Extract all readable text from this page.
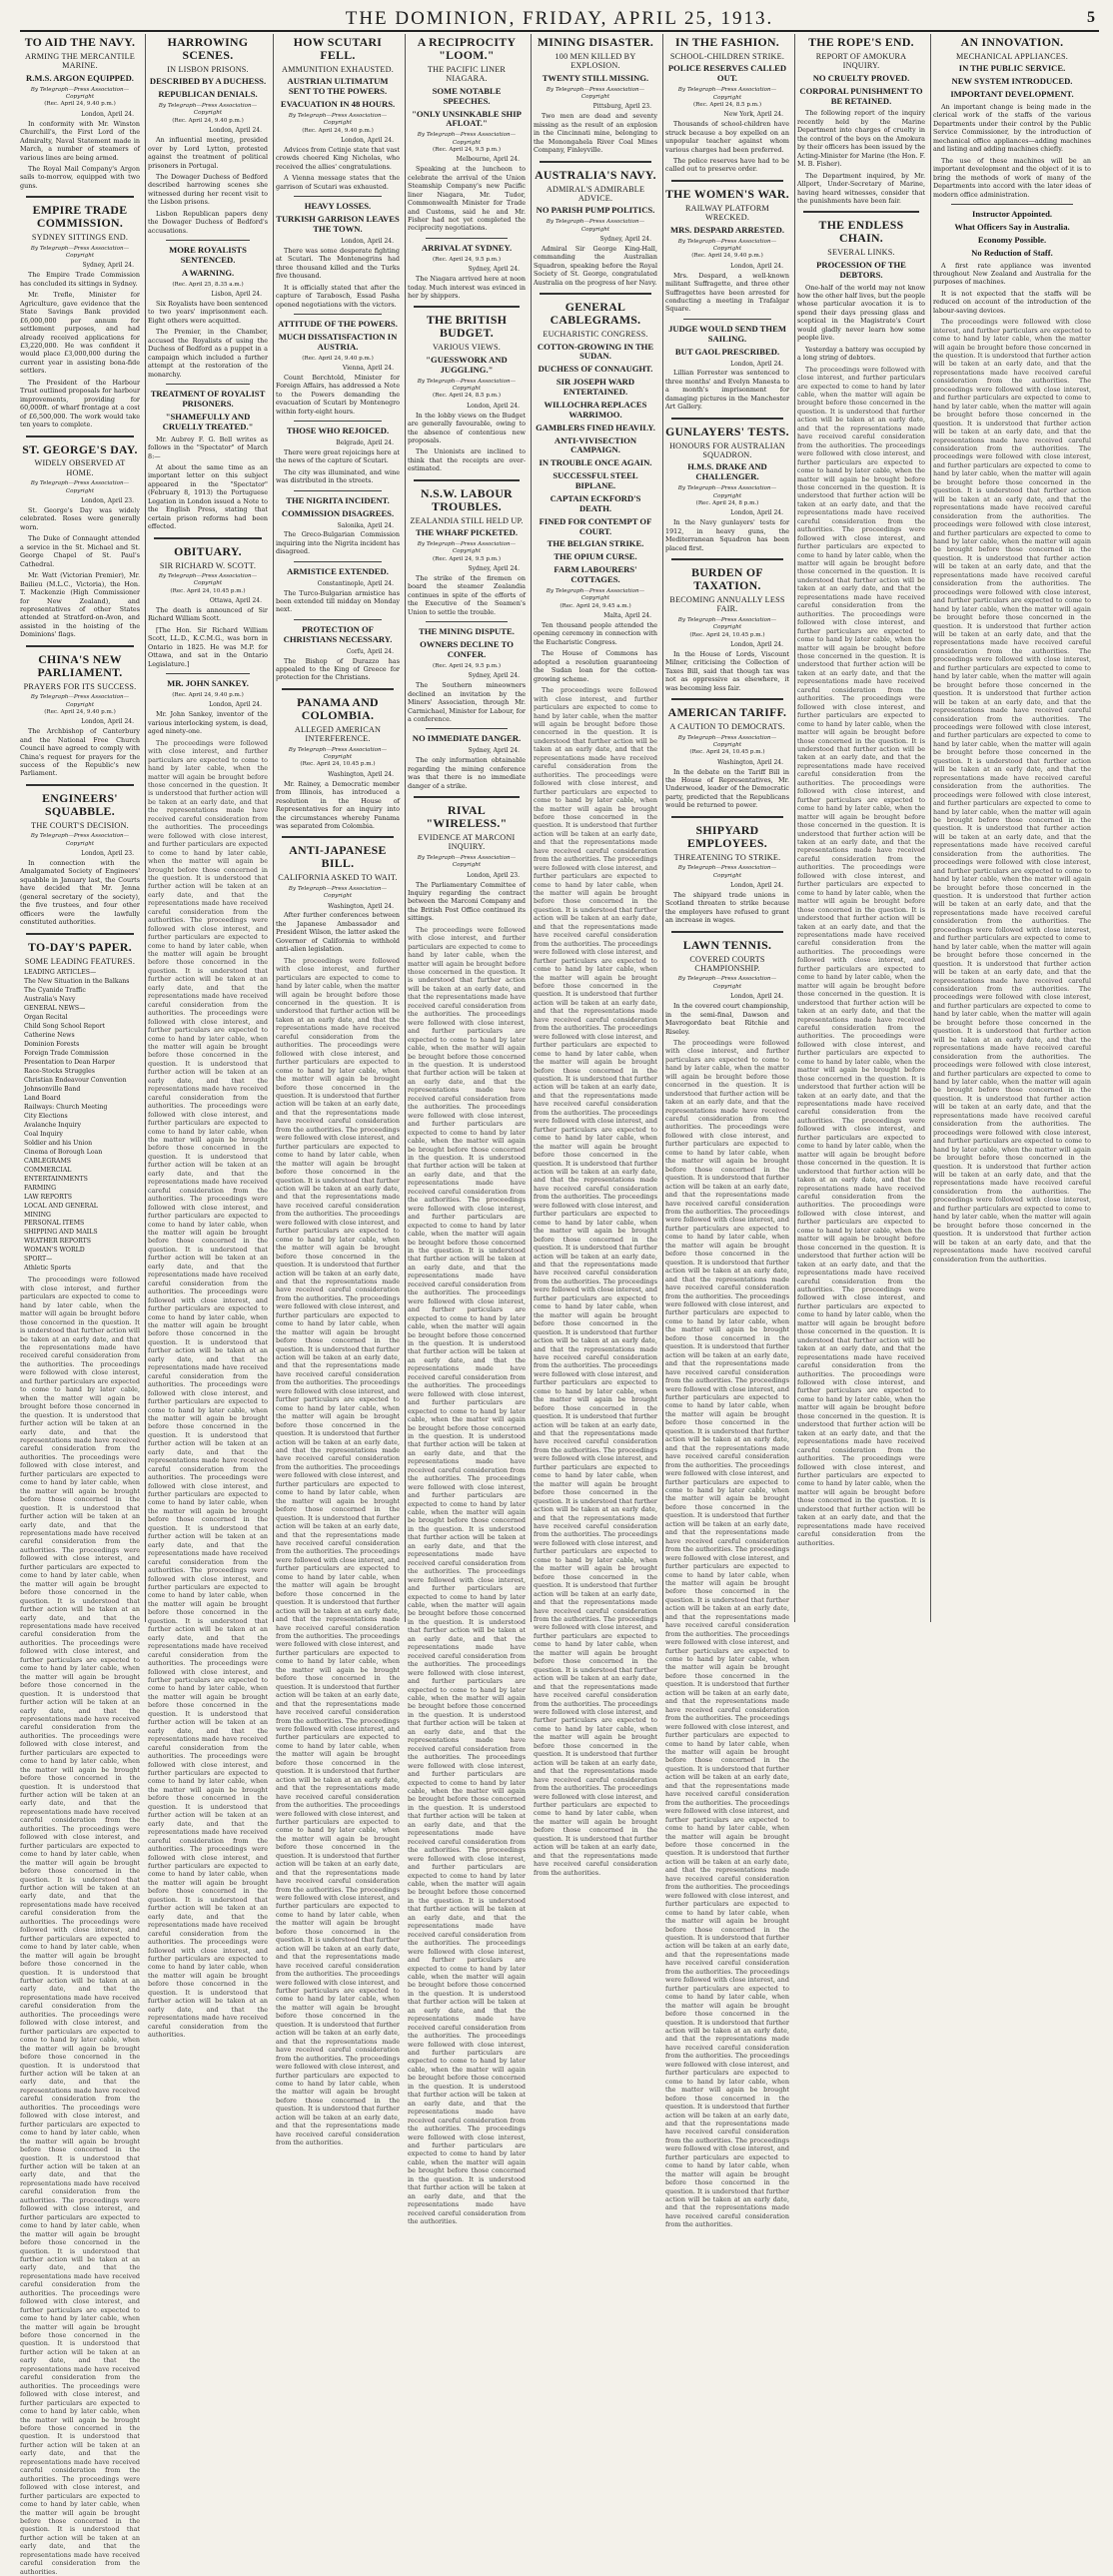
THE DOMINION, FRIDAY, APRIL 25, 1913.	5
TO AID THE NAVY.
ARMING THE MERCANTILE MARINE.
R.M.S. ARGON EQUIPPED.
By Telegraph—Press Association—Copyright
(Rec. April 24, 9.40 p.m.)
London, April 24.

In conformity with Mr. Winston Churchill's, the First Lord of the Admiralty, Naval Statement made in March, a number of steamers of various lines are being armed.

The Royal Mail Company's Argon sails to-morrow, equipped with two guns.

EMPIRE TRADE COMMISSION.
SYDNEY SITTINGS END.
By Telegraph—Press Association—Copyright
Sydney, April 24.

The Empire Trade Commission has concluded its sittings in Sydney.

Mr. Trefle, Minister for Agriculture, gave evidence that the State Savings Bank provided £6,000,000 per annum for settlement purposes, and had already received applications for £3,220,000. He was confident it would place £3,000,000 during the current year in assisting bona-fide settlers.

The President of the Harbour Trust outlined proposals for harbour improvements, providing for 60,000ft. of wharf frontage at a cost of £6,500,000. The work would take ten years to complete.

ST. GEORGE'S DAY.
WIDELY OBSERVED AT HOME.
By Telegraph—Press Association—Copyright
London, April 23.

St. George's Day was widely celebrated. Roses were generally worn.

The Duke of Connaught attended a service in the St. Michael and St. George Chapel of St. Paul's Cathedral.

Mr. Watt (Victorian Premier), Mr. Bailieu (M.L.C., Victoria), the Hon. T. Mackenzie (High Commissioner for New Zealand), and representatives of other States attended at Stratford-on-Avon, and assisted in the hoisting of the Dominions' flags.

CHINA'S NEW PARLIAMENT.
PRAYERS FOR ITS SUCCESS.
By Telegraph—Press Association—Copyright
(Rec. April 24, 9.40 p.m.)
London, April 24.

The Archbishop of Canterbury and the National Free Church Council have agreed to comply with China's request for prayers for the success of the Republic's new Parliament.

ENGINEERS' SQUABBLE.
THE COURT'S DECISION.
By Telegraph—Press Association—Copyright
London, April 23.

In connection with the Amalgamated Society of Engineers' squabble in January last, the Courts have decided that Mr. Jenna (general secretary of the society), the five trustees, and four other officers were the lawfully constituted authorities.

TO-DAY'S PAPER.
SOME LEADING FEATURES.
LEADING ARTICLES—
The New Situation in the Balkans
The Cyanide Traffic
Australia's Navy
GENERAL NEWS—
Organ Recital
Child Song School Report
Catherine News
Dominion Forests
Foreign Trade Commission
Presentation to Dean Harper
Race-Stocks Struggles
Christian Endeavour Convention
Johnsonville Band
Land Board
Railways: Church Meeting
City Elections
Avalanche Inquiry
Coal Inquiry
Soldier and his Union
Cinema of Borough Loan
CABLEGRAMS
COMMERCIAL
ENTERTAINMENTS
FARMING
LAW REPORTS
LOCAL AND GENERAL
MINING
PERSONAL ITEMS
SHIPPING AND MAILS
WEATHER REPORTS
WOMAN'S WORLD
SPORT—
Athletic Sports

The proceedings were followed with close interest, and further particulars are expected to come to hand by later cable, when the matter will again be brought before those concerned in the question. It is understood that further action will be taken at an early date, and that the representations made have received careful consideration from the authorities. The proceedings were followed with close interest, and further particulars are expected to come to hand by later cable, when the matter will again be brought before those concerned in the question. It is understood that further action will be taken at an early date, and that the representations made have received careful consideration from the authorities. The proceedings were followed with close interest, and further particulars are expected to come to hand by later cable, when the matter will again be brought before those concerned in the question. It is understood that further action will be taken at an early date, and that the representations made have received careful consideration from the authorities. The proceedings were followed with close interest, and further particulars are expected to come to hand by later cable, when the matter will again be brought before those concerned in the question. It is understood that further action will be taken at an early date, and that the representations made have received careful consideration from the authorities. The proceedings were followed with close interest, and further particulars are expected to come to hand by later cable, when the matter will again be brought before those concerned in the question. It is understood that further action will be taken at an early date, and that the representations made have received careful consideration from the authorities. The proceedings were followed with close interest, and further particulars are expected to come to hand by later cable, when the matter will again be brought before those concerned in the question. It is understood that further action will be taken at an early date, and that the representations made have received careful consideration from the authorities. The proceedings were followed with close interest, and further particulars are expected to come to hand by later cable, when the matter will again be brought before those concerned in the question. It is understood that further action will be taken at an early date, and that the representations made have received careful consideration from the authorities. The proceedings were followed with close interest, and further particulars are expected to come to hand by later cable, when the matter will again be brought before those concerned in the question. It is understood that further action will be taken at an early date, and that the representations made have received careful consideration from the authorities. The proceedings were followed with close interest, and further particulars are expected to come to hand by later cable, when the matter will again be brought before those concerned in the question. It is understood that further action will be taken at an early date, and that the representations made have received careful consideration from the authorities. The proceedings were followed with close interest, and further particulars are expected to come to hand by later cable, when the matter will again be brought before those concerned in the question. It is understood that further action will be taken at an early date, and that the representations made have received careful consideration from the authorities. The proceedings were followed with close interest, and further particulars are expected to come to hand by later cable, when the matter will again be brought before those concerned in the question. It is understood that further action will be taken at an early date, and that the representations made have received careful consideration from the authorities. The proceedings were followed with close interest, and further particulars are expected to come to hand by later cable, when the matter will again be brought before those concerned in the question. It is understood that further action will be taken at an early date, and that the representations made have received careful consideration from the authorities. The proceedings were followed with close interest, and further particulars are expected to come to hand by later cable, when the matter will again be brought before those concerned in the question. It is understood that further action will be taken at an early date, and that the representations made have received careful consideration from the authorities. The proceedings were followed with close interest, and further particulars are expected to come to hand by later cable, when the matter will again be brought before those concerned in the question. It is understood that further action will be taken at an early date, and that the representations made have received careful consideration from the authorities.

HARROWING SCENES.
IN LISBON PRISONS.
DESCRIBED BY A DUCHESS.
REPUBLICAN DENIALS.
By Telegraph—Press Association—Copyright
(Rec. April 24, 9.40 p.m.)
London, April 24.

An influential meeting, presided over by Lord Lytton, protested against the treatment of political prisoners in Portugal.

The Dowager Duchess of Bedford described harrowing scenes she witnessed during her recent visit to the Lisbon prisons.

Lisbon Republican papers deny the Dowager Duchess of Bedford's accusations.

MORE ROYALISTS SENTENCED.
A WARNING.
(Rec. April 25, 8.35 a.m.)
Lisbon, April 24.

Six Royalists have been sentenced to two years' imprisonment each. Eight others were acquitted.

The Premier, in the Chamber, accused the Royalists of using the Duchess of Bedford as a puppet in a campaign which included a further attempt at the restoration of the monarchy.

TREATMENT OF ROYALIST PRISONERS.
"SHAMEFULLY AND CRUELLY TREATED."

Mr. Aubrey F. G. Bell writes as follows in the "Spectator" of March 8:—

At about the same time as an important letter on this subject appeared in the "Spectator" (February 8, 1913) the Portuguese Legation in London issued a Note to the English Press, stating that certain prison reforms had been effected.

OBITUARY.
SIR RICHARD W. SCOTT.
By Telegraph—Press Association—Copyright
(Rec. April 24, 10.45 p.m.)
Ottawa, April 24.

The death is announced of Sir Richard William Scott.

[The Hon. Sir Richard William Scott, LL.D., K.C.M.G., was born in Ontario in 1825. He was M.P. for Ottawa, and sat in the Ontario Legislature.]

MR. JOHN SANKEY.
(Rec. April 24, 9.40 p.m.)
London, April 24.

Mr. John Sankey, inventor of the various interlocking system, is dead, aged ninety-one.

The proceedings were followed with close interest, and further particulars are expected to come to hand by later cable, when the matter will again be brought before those concerned in the question. It is understood that further action will be taken at an early date, and that the representations made have received careful consideration from the authorities. The proceedings were followed with close interest, and further particulars are expected to come to hand by later cable, when the matter will again be brought before those concerned in the question. It is understood that further action will be taken at an early date, and that the representations made have received careful consideration from the authorities. The proceedings were followed with close interest, and further particulars are expected to come to hand by later cable, when the matter will again be brought before those concerned in the question. It is understood that further action will be taken at an early date, and that the representations made have received careful consideration from the authorities. The proceedings were followed with close interest, and further particulars are expected to come to hand by later cable, when the matter will again be brought before those concerned in the question. It is understood that further action will be taken at an early date, and that the representations made have received careful consideration from the authorities. The proceedings were followed with close interest, and further particulars are expected to come to hand by later cable, when the matter will again be brought before those concerned in the question. It is understood that further action will be taken at an early date, and that the representations made have received careful consideration from the authorities. The proceedings were followed with close interest, and further particulars are expected to come to hand by later cable, when the matter will again be brought before those concerned in the question. It is understood that further action will be taken at an early date, and that the representations made have received careful consideration from the authorities. The proceedings were followed with close interest, and further particulars are expected to come to hand by later cable, when the matter will again be brought before those concerned in the question. It is understood that further action will be taken at an early date, and that the representations made have received careful consideration from the authorities. The proceedings were followed with close interest, and further particulars are expected to come to hand by later cable, when the matter will again be brought before those concerned in the question. It is understood that further action will be taken at an early date, and that the representations made have received careful consideration from the authorities. The proceedings were followed with close interest, and further particulars are expected to come to hand by later cable, when the matter will again be brought before those concerned in the question. It is understood that further action will be taken at an early date, and that the representations made have received careful consideration from the authorities. The proceedings were followed with close interest, and further particulars are expected to come to hand by later cable, when the matter will again be brought before those concerned in the question. It is understood that further action will be taken at an early date, and that the representations made have received careful consideration from the authorities. The proceedings were followed with close interest, and further particulars are expected to come to hand by later cable, when the matter will again be brought before those concerned in the question. It is understood that further action will be taken at an early date, and that the representations made have received careful consideration from the authorities. The proceedings were followed with close interest, and further particulars are expected to come to hand by later cable, when the matter will again be brought before those concerned in the question. It is understood that further action will be taken at an early date, and that the representations made have received careful consideration from the authorities. The proceedings were followed with close interest, and further particulars are expected to come to hand by later cable, when the matter will again be brought before those concerned in the question. It is understood that further action will be taken at an early date, and that the representations made have received careful consideration from the authorities. The proceedings were followed with close interest, and further particulars are expected to come to hand by later cable, when the matter will again be brought before those concerned in the question. It is understood that further action will be taken at an early date, and that the representations made have received careful consideration from the authorities.

HOW SCUTARI FELL.
AMMUNITION EXHAUSTED.
AUSTRIAN ULTIMATUM SENT TO THE POWERS.
EVACUATION IN 48 HOURS.
By Telegraph—Press Association—Copyright
(Rec. April 24, 9.40 p.m.)
London, April 24.

Advices from Cetinje state that vast crowds cheered King Nicholas, who received the allies' congratulations.

A Vienna message states that the garrison of Scutari was exhausted.

HEAVY LOSSES.
TURKISH GARRISON LEAVES THE TOWN.
London, April 24.

There was some desperate fighting at Scutari. The Montenegrins had three thousand killed and the Turks five thousand.

It is officially stated that after the capture of Tarabosch, Essad Pasha opened negotiations with the victors.

ATTITUDE OF THE POWERS.
MUCH DISSATISFACTION IN AUSTRIA.
(Rec. April 24, 9.40 p.m.)
Vienna, April 24.

Count Berchtold, Minister for Foreign Affairs, has addressed a Note to the Powers demanding the evacuation of Scutari by Montenegro within forty-eight hours.

THOSE WHO REJOICED.
Belgrade, April 24.

There were great rejoicings here at the news of the capture of Scutari.

The city was illuminated, and wine was distributed in the streets.

THE NIGRITA INCIDENT.
COMMISSION DISAGREES.
Salonika, April 24.

The Greco-Bulgarian Commission inquiring into the Nigrita incident has disagreed.

ARMISTICE EXTENDED.
Constantinople, April 24.

The Turco-Bulgarian armistice has been extended till midday on Monday next.

PROTECTION OF CHRISTIANS NECESSARY.
Corfu, April 24.

The Bishop of Durazzo has appealed to the King of Greece for protection for the Christians.

PANAMA AND COLOMBIA.
ALLEGED AMERICAN INTERFERENCE.
By Telegraph—Press Association—Copyright
(Rec. April 24, 10.45 p.m.)
Washington, April 24.

Mr. Rainey, a Democratic member from Illinois, has introduced a resolution in the House of Representatives for an inquiry into the circumstances whereby Panama was separated from Colombia.

ANTI-JAPANESE BILL.
CALIFORNIA ASKED TO WAIT.
By Telegraph—Press Association—Copyright
Washington, April 24.

After further conferences between the Japanese Ambassador and President Wilson, the latter asked the Governor of California to withhold anti-alien legislation.

The proceedings were followed with close interest, and further particulars are expected to come to hand by later cable, when the matter will again be brought before those concerned in the question. It is understood that further action will be taken at an early date, and that the representations made have received careful consideration from the authorities. The proceedings were followed with close interest, and further particulars are expected to come to hand by later cable, when the matter will again be brought before those concerned in the question. It is understood that further action will be taken at an early date, and that the representations made have received careful consideration from the authorities. The proceedings were followed with close interest, and further particulars are expected to come to hand by later cable, when the matter will again be brought before those concerned in the question. It is understood that further action will be taken at an early date, and that the representations made have received careful consideration from the authorities. The proceedings were followed with close interest, and further particulars are expected to come to hand by later cable, when the matter will again be brought before those concerned in the question. It is understood that further action will be taken at an early date, and that the representations made have received careful consideration from the authorities. The proceedings were followed with close interest, and further particulars are expected to come to hand by later cable, when the matter will again be brought before those concerned in the question. It is understood that further action will be taken at an early date, and that the representations made have received careful consideration from the authorities. The proceedings were followed with close interest, and further particulars are expected to come to hand by later cable, when the matter will again be brought before those concerned in the question. It is understood that further action will be taken at an early date, and that the representations made have received careful consideration from the authorities. The proceedings were followed with close interest, and further particulars are expected to come to hand by later cable, when the matter will again be brought before those concerned in the question. It is understood that further action will be taken at an early date, and that the representations made have received careful consideration from the authorities. The proceedings were followed with close interest, and further particulars are expected to come to hand by later cable, when the matter will again be brought before those concerned in the question. It is understood that further action will be taken at an early date, and that the representations made have received careful consideration from the authorities. The proceedings were followed with close interest, and further particulars are expected to come to hand by later cable, when the matter will again be brought before those concerned in the question. It is understood that further action will be taken at an early date, and that the representations made have received careful consideration from the authorities. The proceedings were followed with close interest, and further particulars are expected to come to hand by later cable, when the matter will again be brought before those concerned in the question. It is understood that further action will be taken at an early date, and that the representations made have received careful consideration from the authorities. The proceedings were followed with close interest, and further particulars are expected to come to hand by later cable, when the matter will again be brought before those concerned in the question. It is understood that further action will be taken at an early date, and that the representations made have received careful consideration from the authorities. The proceedings were followed with close interest, and further particulars are expected to come to hand by later cable, when the matter will again be brought before those concerned in the question. It is understood that further action will be taken at an early date, and that the representations made have received careful consideration from the authorities. The proceedings were followed with close interest, and further particulars are expected to come to hand by later cable, when the matter will again be brought before those concerned in the question. It is understood that further action will be taken at an early date, and that the representations made have received careful consideration from the authorities. The proceedings were followed with close interest, and further particulars are expected to come to hand by later cable, when the matter will again be brought before those concerned in the question. It is understood that further action will be taken at an early date, and that the representations made have received careful consideration from the authorities.

A RECIPROCITY "LOOM."
THE PACIFIC LINER NIAGARA.
SOME NOTABLE SPEECHES.
"ONLY UNSINKABLE SHIP AFLOAT."
By Telegraph—Press Association—Copyright
(Rec. April 24, 9.5 p.m.)
Melbourne, April 24.

Speaking at the luncheon to celebrate the arrival of the Union Steamship Company's new Pacific liner Niagara, Mr. Tudor, Commonwealth Minister for Trade and Customs, said he and Mr. Fisher had not yet completed the reciprocity negotiations.

ARRIVAL AT SYDNEY.
(Rec. April 24, 9.5 p.m.)
Sydney, April 24.

The Niagara arrived here at noon today. Much interest was evinced in her by shippers.

THE BRITISH BUDGET.
VARIOUS VIEWS.
"GUESSWORK AND JUGGLING."
By Telegraph—Press Association—Copyright
(Rec. April 24, 8.5 p.m.)
London, April 24.

In the lobby views on the Budget are generally favourable, owing to the absence of contentious new proposals.

The Unionists are inclined to think that the receipts are over-estimated.

N.S.W. LABOUR TROUBLES.
ZEALANDIA STILL HELD UP.
THE WHARF PICKETED.
By Telegraph—Press Association—Copyright
(Rec. April 24, 9.5 p.m.)
Sydney, April 24.

The strike of the firemen on board the steamer Zealandia continues in spite of the efforts of the Executive of the Seamen's Union to settle the trouble.

THE MINING DISPUTE.
OWNERS DECLINE TO CONFER.
(Rec. April 24, 9.5 p.m.)
Sydney, April 24.

The Southern mineowners declined an invitation by the Miners' Association, through Mr. Carmichael, Minister for Labour, for a conference.

NO IMMEDIATE DANGER.
Sydney, April 24.

The only information obtainable regarding the mining conference was that there is no immediate danger of a strike.

RIVAL "WIRELESS."
EVIDENCE AT MARCONI INQUIRY.
By Telegraph—Press Association—Copyright
London, April 23.

The Parliamentary Committee of Inquiry regarding the contract between the Marconi Company and the British Post Office continued its sittings.

The proceedings were followed with close interest, and further particulars are expected to come to hand by later cable, when the matter will again be brought before those concerned in the question. It is understood that further action will be taken at an early date, and that the representations made have received careful consideration from the authorities. The proceedings were followed with close interest, and further particulars are expected to come to hand by later cable, when the matter will again be brought before those concerned in the question. It is understood that further action will be taken at an early date, and that the representations made have received careful consideration from the authorities. The proceedings were followed with close interest, and further particulars are expected to come to hand by later cable, when the matter will again be brought before those concerned in the question. It is understood that further action will be taken at an early date, and that the representations made have received careful consideration from the authorities. The proceedings were followed with close interest, and further particulars are expected to come to hand by later cable, when the matter will again be brought before those concerned in the question. It is understood that further action will be taken at an early date, and that the representations made have received careful consideration from the authorities. The proceedings were followed with close interest, and further particulars are expected to come to hand by later cable, when the matter will again be brought before those concerned in the question. It is understood that further action will be taken at an early date, and that the representations made have received careful consideration from the authorities. The proceedings were followed with close interest, and further particulars are expected to come to hand by later cable, when the matter will again be brought before those concerned in the question. It is understood that further action will be taken at an early date, and that the representations made have received careful consideration from the authorities. The proceedings were followed with close interest, and further particulars are expected to come to hand by later cable, when the matter will again be brought before those concerned in the question. It is understood that further action will be taken at an early date, and that the representations made have received careful consideration from the authorities. The proceedings were followed with close interest, and further particulars are expected to come to hand by later cable, when the matter will again be brought before those concerned in the question. It is understood that further action will be taken at an early date, and that the representations made have received careful consideration from the authorities. The proceedings were followed with close interest, and further particulars are expected to come to hand by later cable, when the matter will again be brought before those concerned in the question. It is understood that further action will be taken at an early date, and that the representations made have received careful consideration from the authorities. The proceedings were followed with close interest, and further particulars are expected to come to hand by later cable, when the matter will again be brought before those concerned in the question. It is understood that further action will be taken at an early date, and that the representations made have received careful consideration from the authorities. The proceedings were followed with close interest, and further particulars are expected to come to hand by later cable, when the matter will again be brought before those concerned in the question. It is understood that further action will be taken at an early date, and that the representations made have received careful consideration from the authorities. The proceedings were followed with close interest, and further particulars are expected to come to hand by later cable, when the matter will again be brought before those concerned in the question. It is understood that further action will be taken at an early date, and that the representations made have received careful consideration from the authorities. The proceedings were followed with close interest, and further particulars are expected to come to hand by later cable, when the matter will again be brought before those concerned in the question. It is understood that further action will be taken at an early date, and that the representations made have received careful consideration from the authorities. The proceedings were followed with close interest, and further particulars are expected to come to hand by later cable, when the matter will again be brought before those concerned in the question. It is understood that further action will be taken at an early date, and that the representations made have received careful consideration from the authorities.

MINING DISASTER.
100 MEN KILLED BY EXPLOSION.
TWENTY STILL MISSING.
By Telegraph—Press Association—Copyright
Pittsburg, April 23.

Two men are dead and seventy missing as the result of an explosion in the Cincinnati mine, belonging to the Monongahela River Coal Mines Company, Finleyville.

AUSTRALIA'S NAVY.
ADMIRAL'S ADMIRABLE ADVICE.
NO PARISH PUMP POLITICS.
By Telegraph—Press Association—Copyright
Sydney, April 24.

Admiral Sir George King-Hall, commanding the Australian Squadron, speaking before the Royal Society of St. George, congratulated Australia on the progress of her Navy.

GENERAL CABLEGRAMS.
EUCHARISTIC CONGRESS.
COTTON-GROWING IN THE SUDAN.
DUCHESS OF CONNAUGHT.
SIR JOSEPH WARD ENTERTAINED.
WILLOCHRA REPLACES WARRIMOO.
GAMBLERS FINED HEAVILY.
ANTI-VIVISECTION CAMPAIGN.
IN TROUBLE ONCE AGAIN.
SUCCESSFUL STEEL BIPLANE.
CAPTAIN ECKFORD'S DEATH.
FINED FOR CONTEMPT OF COURT.
THE BELGIAN STRIKE.
THE OPIUM CURSE.
FARM LABOURERS' COTTAGES.
By Telegraph—Press Association—Copyright
(Rec. April 24, 9.45 a.m.)
Malta, April 24.

Ten thousand people attended the opening ceremony in connection with the Eucharistic Congress.

The House of Commons has adopted a resolution guaranteeing the Sudan loan for the cotton-growing scheme.

The proceedings were followed with close interest, and further particulars are expected to come to hand by later cable, when the matter will again be brought before those concerned in the question. It is understood that further action will be taken at an early date, and that the representations made have received careful consideration from the authorities. The proceedings were followed with close interest, and further particulars are expected to come to hand by later cable, when the matter will again be brought before those concerned in the question. It is understood that further action will be taken at an early date, and that the representations made have received careful consideration from the authorities. The proceedings were followed with close interest, and further particulars are expected to come to hand by later cable, when the matter will again be brought before those concerned in the question. It is understood that further action will be taken at an early date, and that the representations made have received careful consideration from the authorities. The proceedings were followed with close interest, and further particulars are expected to come to hand by later cable, when the matter will again be brought before those concerned in the question. It is understood that further action will be taken at an early date, and that the representations made have received careful consideration from the authorities. The proceedings were followed with close interest, and further particulars are expected to come to hand by later cable, when the matter will again be brought before those concerned in the question. It is understood that further action will be taken at an early date, and that the representations made have received careful consideration from the authorities. The proceedings were followed with close interest, and further particulars are expected to come to hand by later cable, when the matter will again be brought before those concerned in the question. It is understood that further action will be taken at an early date, and that the representations made have received careful consideration from the authorities. The proceedings were followed with close interest, and further particulars are expected to come to hand by later cable, when the matter will again be brought before those concerned in the question. It is understood that further action will be taken at an early date, and that the representations made have received careful consideration from the authorities. The proceedings were followed with close interest, and further particulars are expected to come to hand by later cable, when the matter will again be brought before those concerned in the question. It is understood that further action will be taken at an early date, and that the representations made have received careful consideration from the authorities. The proceedings were followed with close interest, and further particulars are expected to come to hand by later cable, when the matter will again be brought before those concerned in the question. It is understood that further action will be taken at an early date, and that the representations made have received careful consideration from the authorities. The proceedings were followed with close interest, and further particulars are expected to come to hand by later cable, when the matter will again be brought before those concerned in the question. It is understood that further action will be taken at an early date, and that the representations made have received careful consideration from the authorities. The proceedings were followed with close interest, and further particulars are expected to come to hand by later cable, when the matter will again be brought before those concerned in the question. It is understood that further action will be taken at an early date, and that the representations made have received careful consideration from the authorities. The proceedings were followed with close interest, and further particulars are expected to come to hand by later cable, when the matter will again be brought before those concerned in the question. It is understood that further action will be taken at an early date, and that the representations made have received careful consideration from the authorities. The proceedings were followed with close interest, and further particulars are expected to come to hand by later cable, when the matter will again be brought before those concerned in the question. It is understood that further action will be taken at an early date, and that the representations made have received careful consideration from the authorities. The proceedings were followed with close interest, and further particulars are expected to come to hand by later cable, when the matter will again be brought before those concerned in the question. It is understood that further action will be taken at an early date, and that the representations made have received careful consideration from the authorities.

IN THE FASHION.
SCHOOL-CHILDREN STRIKE.
POLICE RESERVES CALLED OUT.
By Telegraph—Press Association—Copyright
(Rec. April 24, 8.5 p.m.)
New York, April 24.

Thousands of school-children have struck because a boy expelled on an unpopular teacher against whom various charges had been preferred.

The police reserves have had to be called out to preserve order.

THE WOMEN'S WAR.
RAILWAY PLATFORM WRECKED.
MRS. DESPARD ARRESTED.
By Telegraph—Press Association—Copyright
(Rec. April 24, 9.40 p.m.)
London, April 24.

Mrs. Despard, a well-known militant Suffragette, and three other Suffragettes have been arrested for conducting a meeting in Trafalgar Square.

JUDGE WOULD SEND THEM SAILING.
BUT GAOL PRESCRIBED.
London, April 24.

Lillian Forrester was sentenced to three months' and Evelyn Manesta to a month's imprisonment for damaging pictures in the Manchester Art Gallery.

GUNLAYERS' TESTS.
HONOURS FOR AUSTRALIAN SQUADRON.
H.M.S. DRAKE AND CHALLENGER.
By Telegraph—Press Association—Copyright
(Rec. April 24, 8 p.m.)
London, April 24.

In the Navy gunlayers' tests for 1912, in heavy guns, the Mediterranean Squadron has been placed first.

BURDEN OF TAXATION.
BECOMING ANNUALLY LESS FAIR.
By Telegraph—Press Association—Copyright
(Rec. April 24, 10.45 p.m.)
London, April 24.

In the House of Lords, Viscount Milner, criticising the Collection of Taxes Bill, said that though tax was not as oppressive as elsewhere, it was becoming less fair.

AMERICAN TARIFF.
A CAUTION TO DEMOCRATS.
By Telegraph—Press Association—Copyright
(Rec. April 24, 10.45 p.m.)
Washington, April 24.

In the debate on the Tariff Bill in the House of Representatives, Mr. Underwood, leader of the Democratic party, predicted that the Republicans would be returned to power.

SHIPYARD EMPLOYEES.
THREATENING TO STRIKE.
By Telegraph—Press Association—Copyright
London, April 24.

The shipyard trade unions in Scotland threaten to strike because the employers have refused to grant an increase in wages.

LAWN TENNIS.
COVERED COURTS CHAMPIONSHIP.
By Telegraph—Press Association—Copyright
London, April 24.

In the covered court championship, in the semi-final, Dawson and Mavrogordato beat Ritchie and Riseley.

The proceedings were followed with close interest, and further particulars are expected to come to hand by later cable, when the matter will again be brought before those concerned in the question. It is understood that further action will be taken at an early date, and that the representations made have received careful consideration from the authorities. The proceedings were followed with close interest, and further particulars are expected to come to hand by later cable, when the matter will again be brought before those concerned in the question. It is understood that further action will be taken at an early date, and that the representations made have received careful consideration from the authorities. The proceedings were followed with close interest, and further particulars are expected to come to hand by later cable, when the matter will again be brought before those concerned in the question. It is understood that further action will be taken at an early date, and that the representations made have received careful consideration from the authorities. The proceedings were followed with close interest, and further particulars are expected to come to hand by later cable, when the matter will again be brought before those concerned in the question. It is understood that further action will be taken at an early date, and that the representations made have received careful consideration from the authorities. The proceedings were followed with close interest, and further particulars are expected to come to hand by later cable, when the matter will again be brought before those concerned in the question. It is understood that further action will be taken at an early date, and that the representations made have received careful consideration from the authorities. The proceedings were followed with close interest, and further particulars are expected to come to hand by later cable, when the matter will again be brought before those concerned in the question. It is understood that further action will be taken at an early date, and that the representations made have received careful consideration from the authorities. The proceedings were followed with close interest, and further particulars are expected to come to hand by later cable, when the matter will again be brought before those concerned in the question. It is understood that further action will be taken at an early date, and that the representations made have received careful consideration from the authorities. The proceedings were followed with close interest, and further particulars are expected to come to hand by later cable, when the matter will again be brought before those concerned in the question. It is understood that further action will be taken at an early date, and that the representations made have received careful consideration from the authorities. The proceedings were followed with close interest, and further particulars are expected to come to hand by later cable, when the matter will again be brought before those concerned in the question. It is understood that further action will be taken at an early date, and that the representations made have received careful consideration from the authorities. The proceedings were followed with close interest, and further particulars are expected to come to hand by later cable, when the matter will again be brought before those concerned in the question. It is understood that further action will be taken at an early date, and that the representations made have received careful consideration from the authorities. The proceedings were followed with close interest, and further particulars are expected to come to hand by later cable, when the matter will again be brought before those concerned in the question. It is understood that further action will be taken at an early date, and that the representations made have received careful consideration from the authorities. The proceedings were followed with close interest, and further particulars are expected to come to hand by later cable, when the matter will again be brought before those concerned in the question. It is understood that further action will be taken at an early date, and that the representations made have received careful consideration from the authorities. The proceedings were followed with close interest, and further particulars are expected to come to hand by later cable, when the matter will again be brought before those concerned in the question. It is understood that further action will be taken at an early date, and that the representations made have received careful consideration from the authorities. The proceedings were followed with close interest, and further particulars are expected to come to hand by later cable, when the matter will again be brought before those concerned in the question. It is understood that further action will be taken at an early date, and that the representations made have received careful consideration from the authorities.

THE ROPE'S END.
REPORT OF AMOKURA INQUIRY.
NO CRUELTY PROVED.
CORPORAL PUNISHMENT TO BE RETAINED.

The following report of the inquiry recently held by the Marine Department into charges of cruelty in the control of the boys on the Amokura by their officers has been issued by the Acting-Minister for Marine (the Hon. F. M. B. Fisher).

The Department inquired, by Mr. Allport, Under-Secretary of Marine, having heard witnesses, consider that the punishments have been fair.

THE ENDLESS CHAIN.
SEVERAL LINKS.
PROCESSION OF THE DEBTORS.

One-half of the world may not know how the other half lives, but the people whose particular avocation it is to spend their days pressing glass and sceptical in the Magistrate's Court would gladly never learn how some people live.

Yesterday a battery was occupied by a long string of debtors.

The proceedings were followed with close interest, and further particulars are expected to come to hand by later cable, when the matter will again be brought before those concerned in the question. It is understood that further action will be taken at an early date, and that the representations made have received careful consideration from the authorities. The proceedings were followed with close interest, and further particulars are expected to come to hand by later cable, when the matter will again be brought before those concerned in the question. It is understood that further action will be taken at an early date, and that the representations made have received careful consideration from the authorities. The proceedings were followed with close interest, and further particulars are expected to come to hand by later cable, when the matter will again be brought before those concerned in the question. It is understood that further action will be taken at an early date, and that the representations made have received careful consideration from the authorities. The proceedings were followed with close interest, and further particulars are expected to come to hand by later cable, when the matter will again be brought before those concerned in the question. It is understood that further action will be taken at an early date, and that the representations made have received careful consideration from the authorities. The proceedings were followed with close interest, and further particulars are expected to come to hand by later cable, when the matter will again be brought before those concerned in the question. It is understood that further action will be taken at an early date, and that the representations made have received careful consideration from the authorities. The proceedings were followed with close interest, and further particulars are expected to come to hand by later cable, when the matter will again be brought before those concerned in the question. It is understood that further action will be taken at an early date, and that the representations made have received careful consideration from the authorities. The proceedings were followed with close interest, and further particulars are expected to come to hand by later cable, when the matter will again be brought before those concerned in the question. It is understood that further action will be taken at an early date, and that the representations made have received careful consideration from the authorities. The proceedings were followed with close interest, and further particulars are expected to come to hand by later cable, when the matter will again be brought before those concerned in the question. It is understood that further action will be taken at an early date, and that the representations made have received careful consideration from the authorities. The proceedings were followed with close interest, and further particulars are expected to come to hand by later cable, when the matter will again be brought before those concerned in the question. It is understood that further action will be taken at an early date, and that the representations made have received careful consideration from the authorities. The proceedings were followed with close interest, and further particulars are expected to come to hand by later cable, when the matter will again be brought before those concerned in the question. It is understood that further action will be taken at an early date, and that the representations made have received careful consideration from the authorities. The proceedings were followed with close interest, and further particulars are expected to come to hand by later cable, when the matter will again be brought before those concerned in the question. It is understood that further action will be taken at an early date, and that the representations made have received careful consideration from the authorities. The proceedings were followed with close interest, and further particulars are expected to come to hand by later cable, when the matter will again be brought before those concerned in the question. It is understood that further action will be taken at an early date, and that the representations made have received careful consideration from the authorities. The proceedings were followed with close interest, and further particulars are expected to come to hand by later cable, when the matter will again be brought before those concerned in the question. It is understood that further action will be taken at an early date, and that the representations made have received careful consideration from the authorities. The proceedings were followed with close interest, and further particulars are expected to come to hand by later cable, when the matter will again be brought before those concerned in the question. It is understood that further action will be taken at an early date, and that the representations made have received careful consideration from the authorities.

AN INNOVATION.
MECHANICAL APPLIANCES.
IN THE PUBLIC SERVICE.
NEW SYSTEM INTRODUCED.
IMPORTANT DEVELOPMENT.

An important change is being made in the clerical work of the staffs of the various Departments under their control by the Public Service Commissioner, by the introduction of mechanical office appliances—adding machines and listing and adding machines chiefly.

The use of these machines will be an important development and the object of it is to bring the methods of work of many of the Departments into accord with the later ideas of modern office administration.

Instructor Appointed.
What Officers Say in Australia.
Economy Possible.
No Reduction of Staff.

A first rate appliance was invented throughout New Zealand and Australia for the purposes of machines.

It is not expected that the staffs will be reduced on account of the introduction of the labour-saving devices.

The proceedings were followed with close interest, and further particulars are expected to come to hand by later cable, when the matter will again be brought before those concerned in the question. It is understood that further action will be taken at an early date, and that the representations made have received careful consideration from the authorities. The proceedings were followed with close interest, and further particulars are expected to come to hand by later cable, when the matter will again be brought before those concerned in the question. It is understood that further action will be taken at an early date, and that the representations made have received careful consideration from the authorities. The proceedings were followed with close interest, and further particulars are expected to come to hand by later cable, when the matter will again be brought before those concerned in the question. It is understood that further action will be taken at an early date, and that the representations made have received careful consideration from the authorities. The proceedings were followed with close interest, and further particulars are expected to come to hand by later cable, when the matter will again be brought before those concerned in the question. It is understood that further action will be taken at an early date, and that the representations made have received careful consideration from the authorities. The proceedings were followed with close interest, and further particulars are expected to come to hand by later cable, when the matter will again be brought before those concerned in the question. It is understood that further action will be taken at an early date, and that the representations made have received careful consideration from the authorities. The proceedings were followed with close interest, and further particulars are expected to come to hand by later cable, when the matter will again be brought before those concerned in the question. It is understood that further action will be taken at an early date, and that the representations made have received careful consideration from the authorities. The proceedings were followed with close interest, and further particulars are expected to come to hand by later cable, when the matter will again be brought before those concerned in the question. It is understood that further action will be taken at an early date, and that the representations made have received careful consideration from the authorities. The proceedings were followed with close interest, and further particulars are expected to come to hand by later cable, when the matter will again be brought before those concerned in the question. It is understood that further action will be taken at an early date, and that the representations made have received careful consideration from the authorities. The proceedings were followed with close interest, and further particulars are expected to come to hand by later cable, when the matter will again be brought before those concerned in the question. It is understood that further action will be taken at an early date, and that the representations made have received careful consideration from the authorities. The proceedings were followed with close interest, and further particulars are expected to come to hand by later cable, when the matter will again be brought before those concerned in the question. It is understood that further action will be taken at an early date, and that the representations made have received careful consideration from the authorities. The proceedings were followed with close interest, and further particulars are expected to come to hand by later cable, when the matter will again be brought before those concerned in the question. It is understood that further action will be taken at an early date, and that the representations made have received careful consideration from the authorities. The proceedings were followed with close interest, and further particulars are expected to come to hand by later cable, when the matter will again be brought before those concerned in the question. It is understood that further action will be taken at an early date, and that the representations made have received careful consideration from the authorities. The proceedings were followed with close interest, and further particulars are expected to come to hand by later cable, when the matter will again be brought before those concerned in the question. It is understood that further action will be taken at an early date, and that the representations made have received careful consideration from the authorities. The proceedings were followed with close interest, and further particulars are expected to come to hand by later cable, when the matter will again be brought before those concerned in the question. It is understood that further action will be taken at an early date, and that the representations made have received careful consideration from the authorities.
